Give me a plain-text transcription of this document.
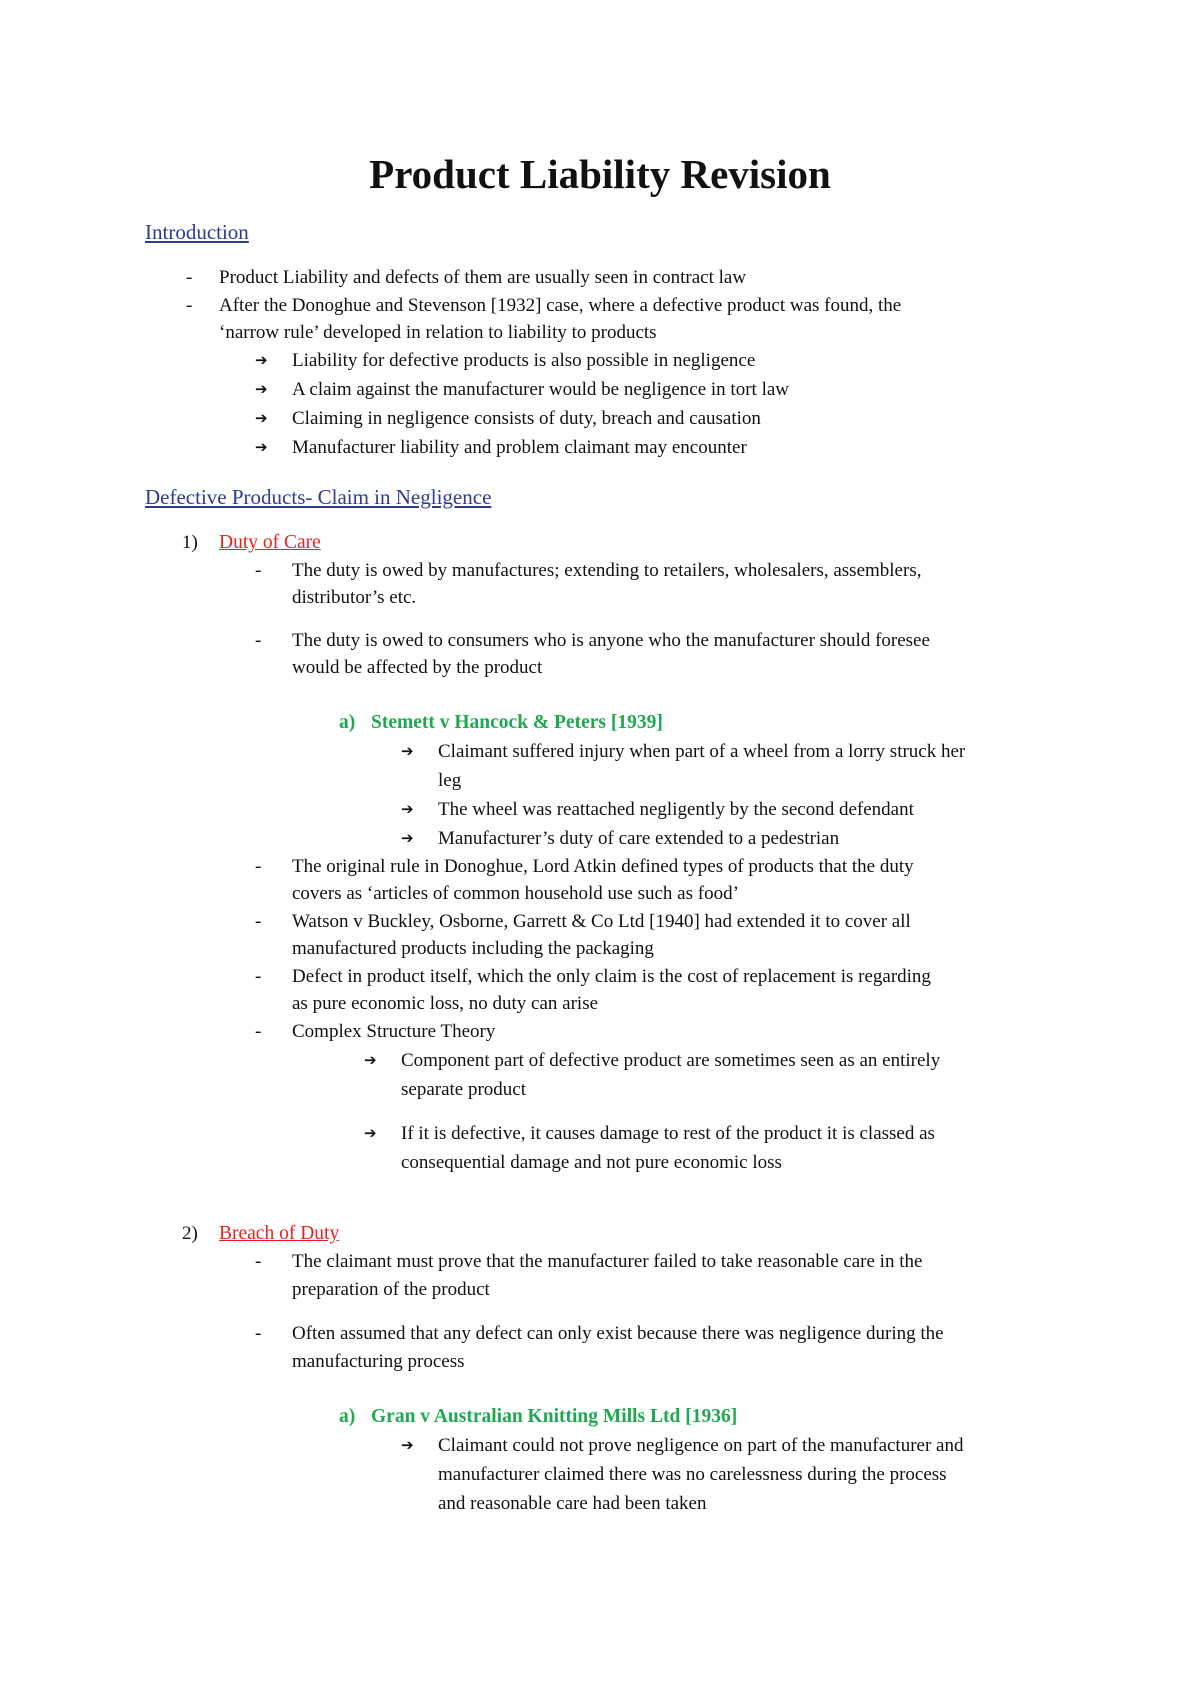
Product Liability Revision
Introduction
- Product Liability and defects of them are usually seen in contract law
- After the Donoghue and Stevenson [1932] case, where a defective product was found, the
‘narrow rule’ developed in relation to liability to products
➔ Liability for defective products is also possible in negligence
➔ A claim against the manufacturer would be negligence in tort law
➔ Claiming in negligence consists of duty, breach and causation
➔ Manufacturer liability and problem claimant may encounter
Defective Products- Claim in Negligence
1) Duty of Care
- The duty is owed by manufactures; extending to retailers, wholesalers, assemblers,
distributor’s etc.
- The duty is owed to consumers who is anyone who the manufacturer should foresee
would be affected by the product
a) Stemett v Hancock & Peters [1939]
➔ Claimant suffered injury when part of a wheel from a lorry struck her
leg
➔ The wheel was reattached negligently by the second defendant
➔ Manufacturer’s duty of care extended to a pedestrian
- The original rule in Donoghue, Lord Atkin defined types of products that the duty
covers as ‘articles of common household use such as food’
- Watson v Buckley, Osborne, Garrett & Co Ltd [1940] had extended it to cover all
manufactured products including the packaging
- Defect in product itself, which the only claim is the cost of replacement is regarding
as pure economic loss, no duty can arise
- Complex Structure Theory
➔ Component part of defective product are sometimes seen as an entirely
separate product
➔ If it is defective, it causes damage to rest of the product it is classed as
consequential damage and not pure economic loss
2) Breach of Duty
- The claimant must prove that the manufacturer failed to take reasonable care in the
preparation of the product
- Often assumed that any defect can only exist because there was negligence during the
manufacturing process
a) Gran v Australian Knitting Mills Ltd [1936]
➔ Claimant could not prove negligence on part of the manufacturer and
manufacturer claimed there was no carelessness during the process
and reasonable care had been taken
